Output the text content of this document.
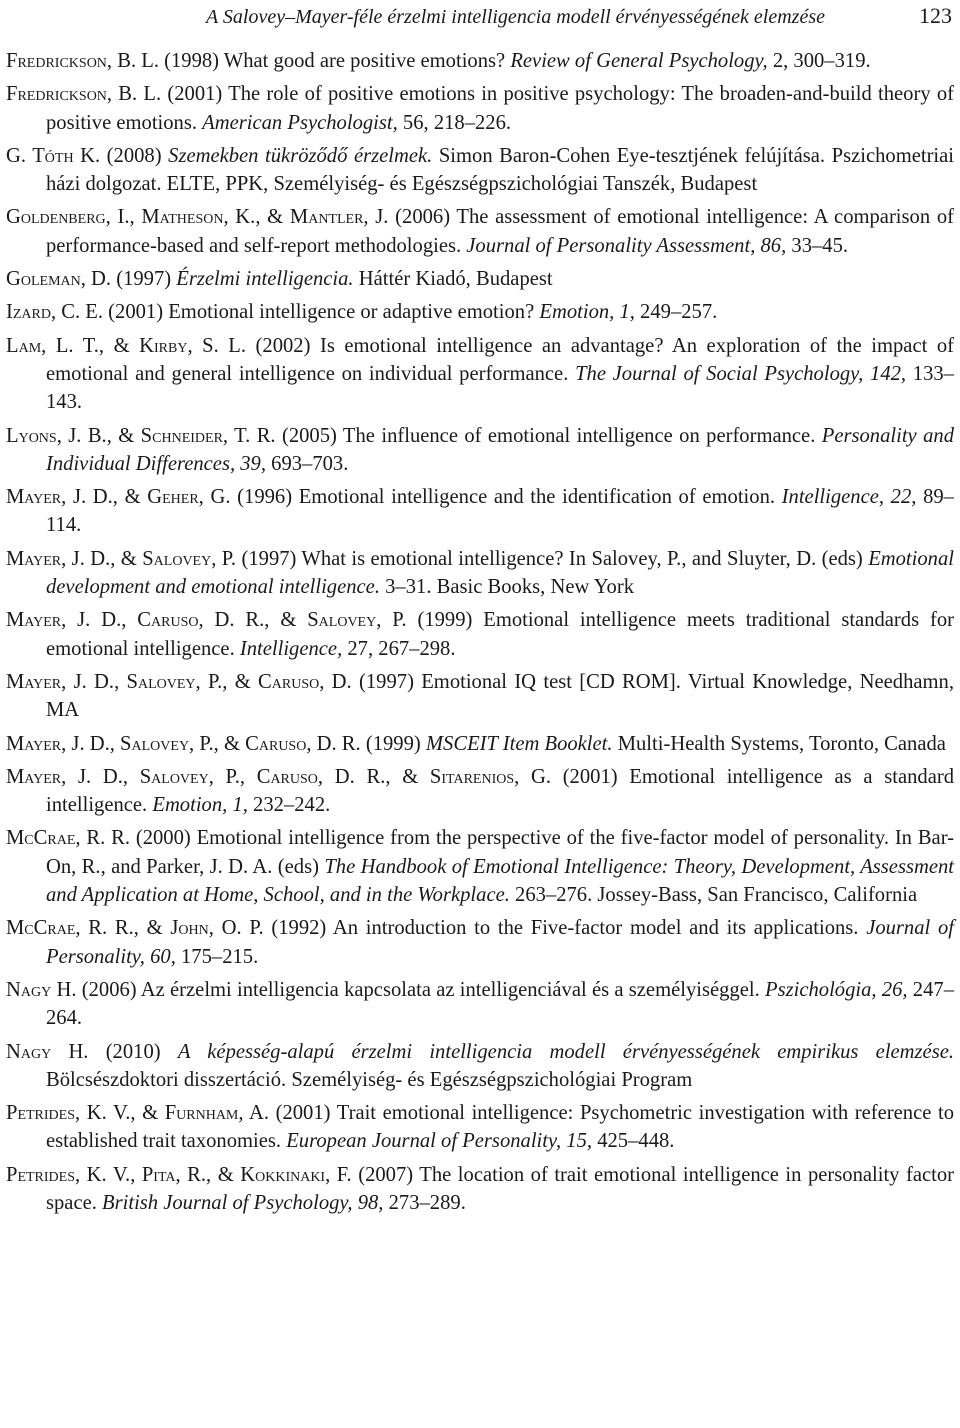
A Salovey–Mayer-féle érzelmi intelligencia modell érvényességének elemzése	123
Fredrickson, B. L. (1998) What good are positive emotions? Review of General Psychology, 2, 300–319.
Fredrickson, B. L. (2001) The role of positive emotions in positive psychology: The broaden-and-build theory of positive emotions. American Psychologist, 56, 218–226.
G. Tóth K. (2008) Szemekben tükröződő érzelmek. Simon Baron-Cohen Eye-tesztjének felújítása. Pszichometriai házi dolgozat. ELTE, PPK, Személyiség- és Egészségpszichológiai Tanszék, Budapest
Goldenberg, I., Matheson, K., & Mantler, J. (2006) The assessment of emotional intelligence: A comparison of performance-based and self-report methodologies. Journal of Personality Assessment, 86, 33–45.
Goleman, D. (1997) Érzelmi intelligencia. Háttér Kiadó, Budapest
Izard, C. E. (2001) Emotional intelligence or adaptive emotion? Emotion, 1, 249–257.
Lam, L. T., & Kirby, S. L. (2002) Is emotional intelligence an advantage? An exploration of the impact of emotional and general intelligence on individual performance. The Journal of Social Psychology, 142, 133–143.
Lyons, J. B., & Schneider, T. R. (2005) The influence of emotional intelligence on performance. Personality and Individual Differences, 39, 693–703.
Mayer, J. D., & Geher, G. (1996) Emotional intelligence and the identification of emotion. Intelligence, 22, 89–114.
Mayer, J. D., & Salovey, P. (1997) What is emotional intelligence? In Salovey, P., and Sluyter, D. (eds) Emotional development and emotional intelligence. 3–31. Basic Books, New York
Mayer, J. D., Caruso, D. R., & Salovey, P. (1999) Emotional intelligence meets traditional standards for emotional intelligence. Intelligence, 27, 267–298.
Mayer, J. D., Salovey, P., & Caruso, D. (1997) Emotional IQ test [CD ROM]. Virtual Knowledge, Needhamn, MA
Mayer, J. D., Salovey, P., & Caruso, D. R. (1999) MSCEIT Item Booklet. Multi-Health Systems, Toronto, Canada
Mayer, J. D., Salovey, P., Caruso, D. R., & Sitarenios, G. (2001) Emotional intelligence as a standard intelligence. Emotion, 1, 232–242.
McCrae, R. R. (2000) Emotional intelligence from the perspective of the five-factor model of personality. In Bar-On, R., and Parker, J. D. A. (eds) The Handbook of Emotional Intelligence: Theory, Development, Assessment and Application at Home, School, and in the Workplace. 263–276. Jossey-Bass, San Francisco, California
McCrae, R. R., & John, O. P. (1992) An introduction to the Five-factor model and its applications. Journal of Personality, 60, 175–215.
Nagy H. (2006) Az érzelmi intelligencia kapcsolata az intelligenciával és a személyiséggel. Pszichológia, 26, 247–264.
Nagy H. (2010) A képesség-alapú érzelmi intelligencia modell érvényességének empirikus elemzése. Bölcsészdoktori disszertáció. Személyiség- és Egészségpszichológiai Program
Petrides, K. V., & Furnham, A. (2001) Trait emotional intelligence: Psychometric investigation with reference to established trait taxonomies. European Journal of Personality, 15, 425–448.
Petrides, K. V., Pita, R., & Kokkinaki, F. (2007) The location of trait emotional intelligence in personality factor space. British Journal of Psychology, 98, 273–289.
